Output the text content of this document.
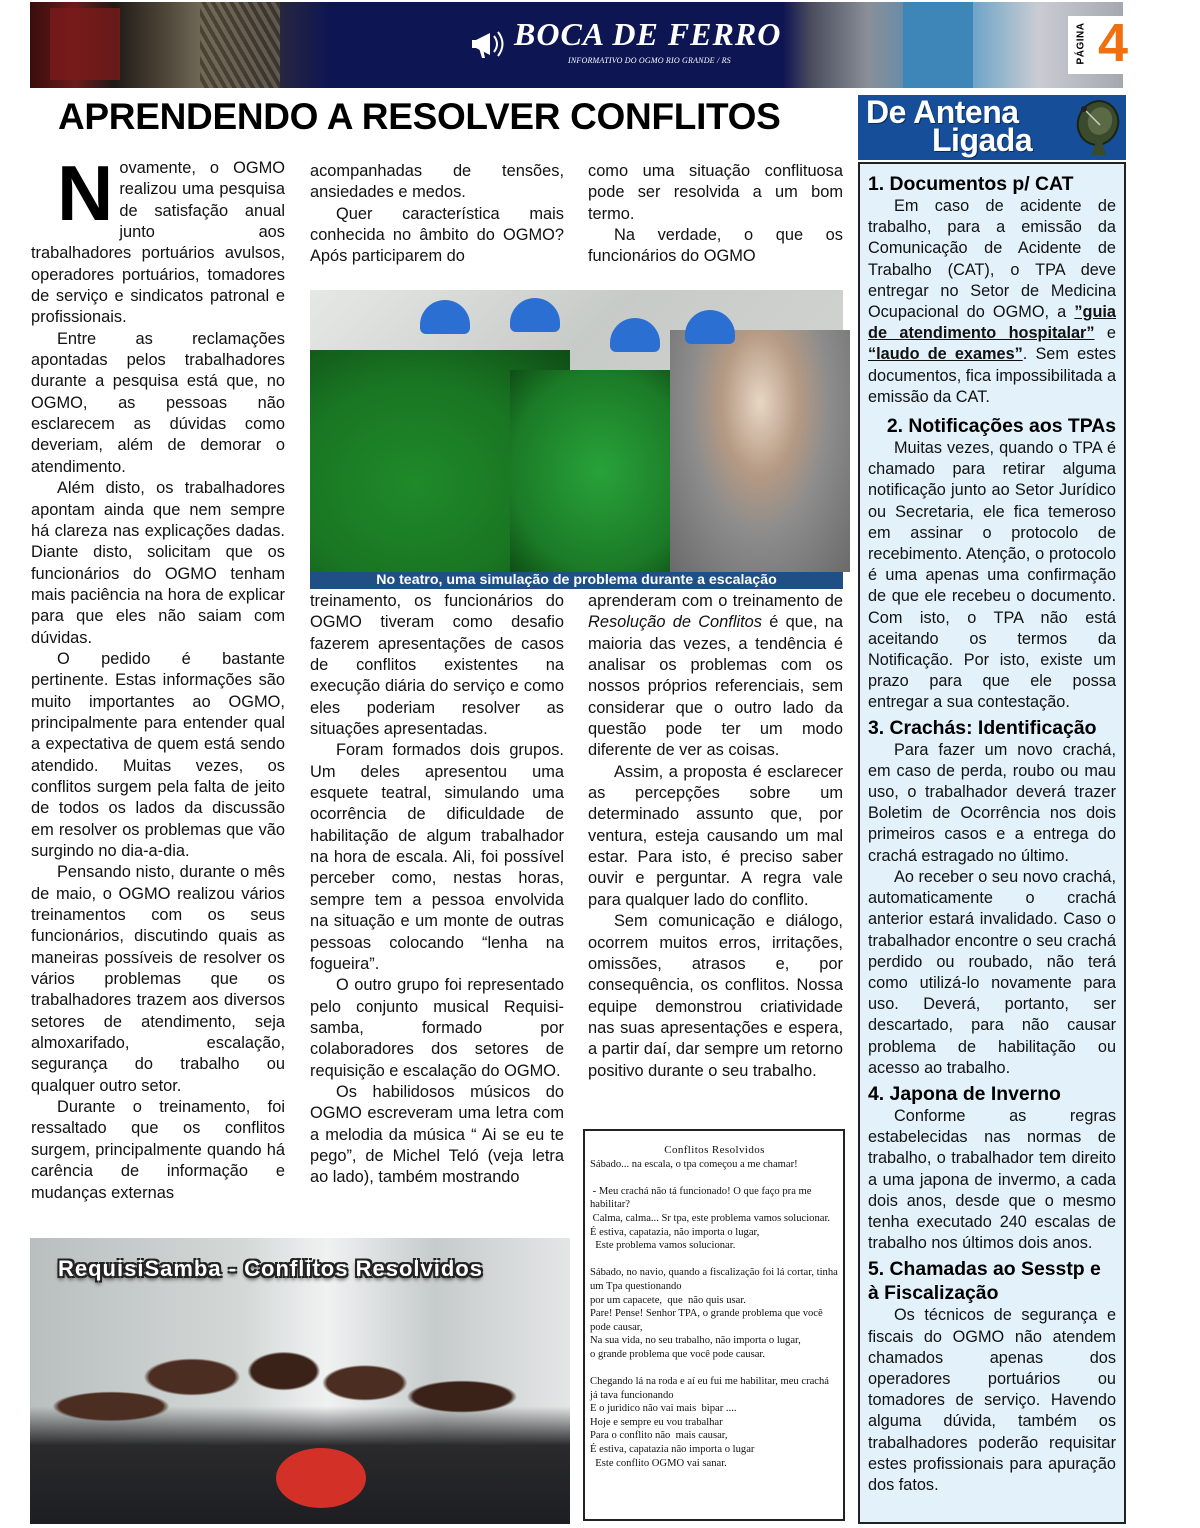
BOCA DE FERRO
INFORMATIVO DO OGMO RIO GRANDE / RS	PÁGINA 4
APRENDENDO A RESOLVER CONFLITOS

Novamente, o OGMO realizou uma pesquisa de satisfação anual junto aos trabalhadores portuários avulsos, operadores portuários, tomadores de serviço e sindicatos patronal e profissionais.

Entre as reclamações apontadas pelos trabalhadores durante a pesquisa está que, no OGMO, as pessoas não esclarecem as dúvidas como deveriam, além de demorar o atendimento.

Além disto, os trabalhadores apontam ainda que nem sempre há clareza nas explicações dadas. Diante disto, solicitam que os funcionários do OGMO tenham mais paciência na hora de explicar para que eles não saiam com dúvidas.

O pedido é bastante pertinente. Estas informações são muito importantes ao OGMO, principalmente para entender qual a expectativa de quem está sendo atendido. Muitas vezes, os conflitos surgem pela falta de jeito de todos os lados da discussão em resolver os problemas que vão surgindo no dia-a-dia.

Pensando nisto, durante o mês de maio, o OGMO realizou vários treinamentos com os seus funcionários, discutindo quais as maneiras possíveis de resolver os vários problemas que os trabalhadores trazem aos diversos setores de atendimento, seja almoxarifado, escalação, segurança do trabalho ou qualquer outro setor.

Durante o treinamento, foi ressaltado que os conflitos surgem, principalmente quando há carência de informação e mudanças externas

acompanhadas de tensões, ansiedades e medos.

Quer característica mais conhecida no âmbito do OGMO? Após participarem do

como uma situação conflituosa pode ser resolvida a um bom termo.

Na verdade, o que os funcionários do OGMO

No teatro, uma simulação de problema durante a escalação

treinamento, os funcionários do OGMO tiveram como desafio fazerem apresentações de casos de conflitos existentes na execução diária do serviço e como eles poderiam resolver as situações apresentadas.

Foram formados dois grupos. Um deles apresentou uma esquete teatral, simulando uma ocorrência de dificuldade de habilitação de algum trabalhador na hora de escala. Ali, foi possível perceber como, nestas horas, sempre tem a pessoa envolvida na situação e um monte de outras pessoas colocando “lenha na fogueira”.

O outro grupo foi representado pelo conjunto musical Requisi-samba, formado por colaboradores dos setores de requisição e escalação do OGMO.

Os habilidosos músicos do OGMO escreveram uma letra com a melodia da música “ Ai se eu te pego”, de Michel Teló (veja letra ao lado), também mostrando

aprenderam com o treinamento de Resolução de Conflitos é que, na maioria das vezes, a tendência é analisar os problemas com os nossos próprios referenciais, sem considerar que o outro lado da questão pode ter um modo diferente de ver as coisas.

Assim, a proposta é esclarecer as percepções sobre um determinado assunto que, por ventura, esteja causando um mal estar. Para isto, é preciso saber ouvir e perguntar. A regra vale para qualquer lado do conflito.

Sem comunicação e diálogo, ocorrem muitos erros, irritações, omissões, atrasos e, por consequência, os conflitos. Nossa equipe demonstrou criatividade nas suas apresentações e espera, a partir daí, dar sempre um retorno positivo durante o seu trabalho.

RequisiSamba - Conflitos Resolvidos
Conflitos Resolvidos
Sábado... na escala, o tpa começou a me chamar!

- Meu crachá não tá funcionado! O que faço pra me habilitar?
Calma, calma... Sr tpa, este problema vamos solucionar.
É estiva, capatazia, não importa o lugar,
Este problema vamos solucionar.

Sábado, no navio, quando a fiscalização foi lá cortar, tinha um Tpa questionando
por um capacete,  que  não quis usar.
Pare! Pense! Senhor TPA, o grande problema que você pode causar,
Na sua vida, no seu trabalho, não importa o lugar,
o grande problema que você pode causar.

Chegando lá na roda e aí eu fui me habilitar, meu crachá já tava funcionando
E o juridico não vai mais  bipar ....
Hoje e sempre eu vou trabalhar
Para o conflito não  mais causar,
É estiva, capatazia não importa o lugar
Este conflito OGMO vai sanar.
De Antena
Ligada
1. Documentos p/ CAT

Em caso de acidente de trabalho, para a emissão da Comunicação de Acidente de Trabalho (CAT), o TPA deve entregar no Setor de Medicina Ocupacional do OGMO, a ”guia de atendimento hospitalar” e “laudo de exames”. Sem estes documentos, fica impossibilitada a emissão da CAT.

2. Notificações aos TPAs

Muitas vezes, quando o TPA é chamado para retirar alguma notificação junto ao Setor Jurídico ou Secretaria, ele fica temeroso em assinar o protocolo de recebimento. Atenção, o protocolo é uma apenas uma confirmação de que ele recebeu o documento. Com isto, o TPA não está aceitando os termos da Notificação. Por isto, existe um prazo para que ele possa entregar a sua contestação.

3. Crachás: Identificação

Para fazer um novo crachá, em caso de perda, roubo ou mau uso, o trabalhador deverá trazer Boletim de Ocorrência nos dois primeiros casos e a entrega do crachá estragado no último.

Ao receber o seu novo crachá, automaticamente o crachá anterior estará invalidado. Caso o trabalhador encontre o seu crachá perdido ou roubado, não terá como utilizá-lo novamente para uso. Deverá, portanto, ser descartado, para não causar problema de habilitação ou acesso ao trabalho.

4. Japona de Inverno

Conforme as regras estabelecidas nas normas de trabalho, o trabalhador tem direito a uma japona de invermo, a cada dois anos, desde que o mesmo tenha executado 240 escalas de trabalho nos últimos dois anos.

5. Chamadas ao Sesstp e à Fiscalização

Os técnicos de segurança e fiscais do OGMO não atendem chamados apenas dos operadores portuários ou tomadores de serviço. Havendo alguma dúvida, também os trabalhadores poderão requisitar estes profissionais para apuração dos fatos.
